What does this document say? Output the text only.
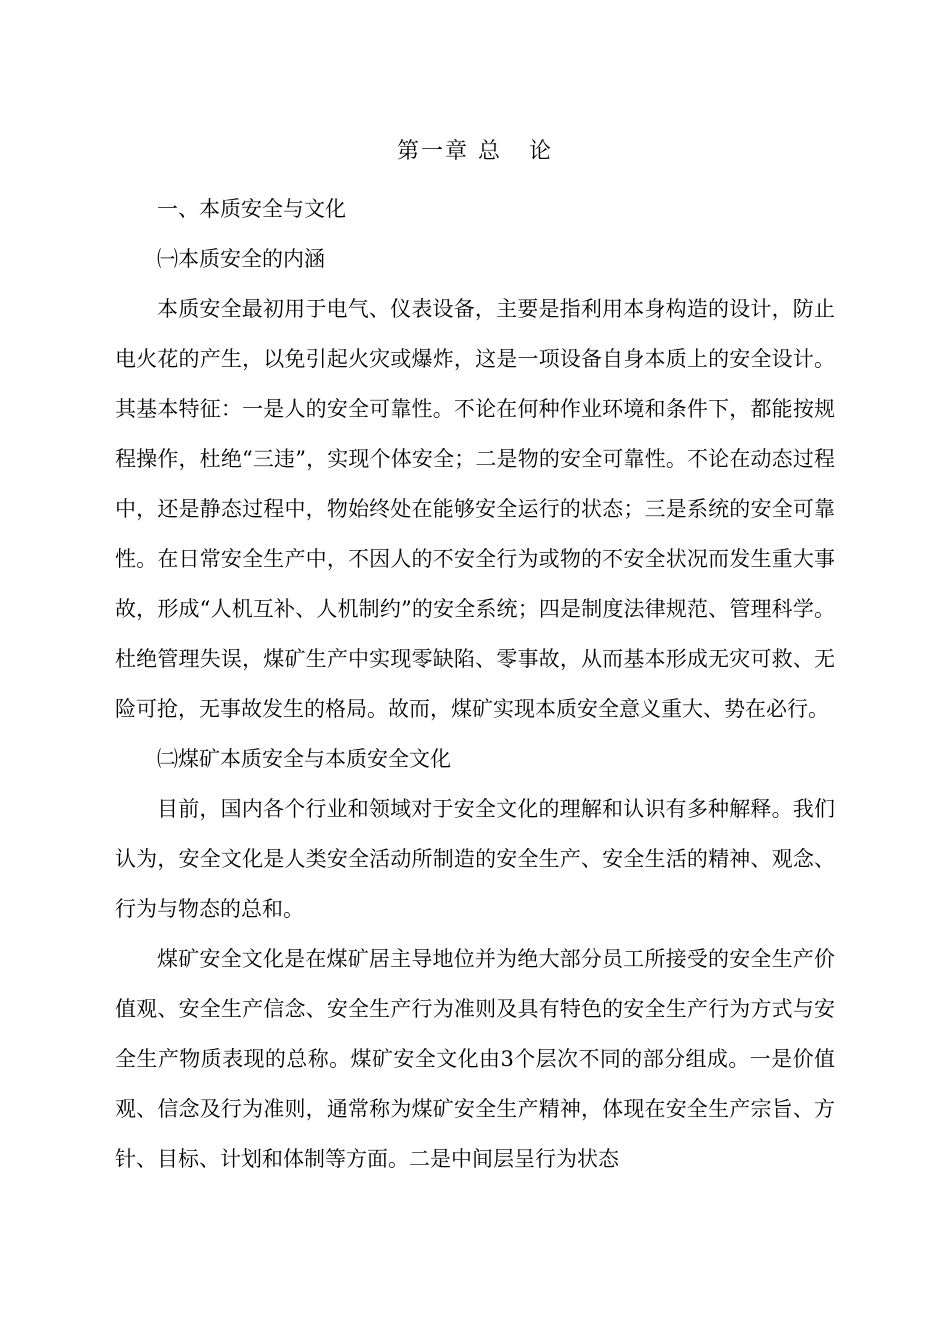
第一章 总   论

一、本质安全与文化

㈠本质安全的内涵

本质安全最初用于电气、仪表设备，主要是指利用本身构造的设计，防止电火花的产生，以免引起火灾或爆炸，这是一项设备自身本质上的安全设计。其基本特征：一是人的安全可靠性。不论在何种作业环境和条件下，都能按规程操作，杜绝“三违”，实现个体安全；二是物的安全可靠性。不论在动态过程中，还是静态过程中，物始终处在能够安全运行的状态；三是系统的安全可靠性。在日常安全生产中，不因人的不安全行为或物的不安全状况而发生重大事故，形成“人机互补、人机制约”的安全系统；四是制度法律规范、管理科学。杜绝管理失误，煤矿生产中实现零缺陷、零事故，从而基本形成无灾可救、无险可抢，无事故发生的格局。故而，煤矿实现本质安全意义重大、势在必行。

㈡煤矿本质安全与本质安全文化

目前，国内各个行业和领域对于安全文化的理解和认识有多种解释。我们认为，安全文化是人类安全活动所制造的安全生产、安全生活的精神、观念、行为与物态的总和。

煤矿安全文化是在煤矿居主导地位并为绝大部分员工所接受的安全生产价值观、安全生产信念、安全生产行为准则及具有特色的安全生产行为方式与安全生产物质表现的总称。煤矿安全文化由3个层次不同的部分组成。一是价值观、信念及行为准则，通常称为煤矿安全生产精神，体现在安全生产宗旨、方针、目标、计划和体制等方面。二是中间层呈行为状态
